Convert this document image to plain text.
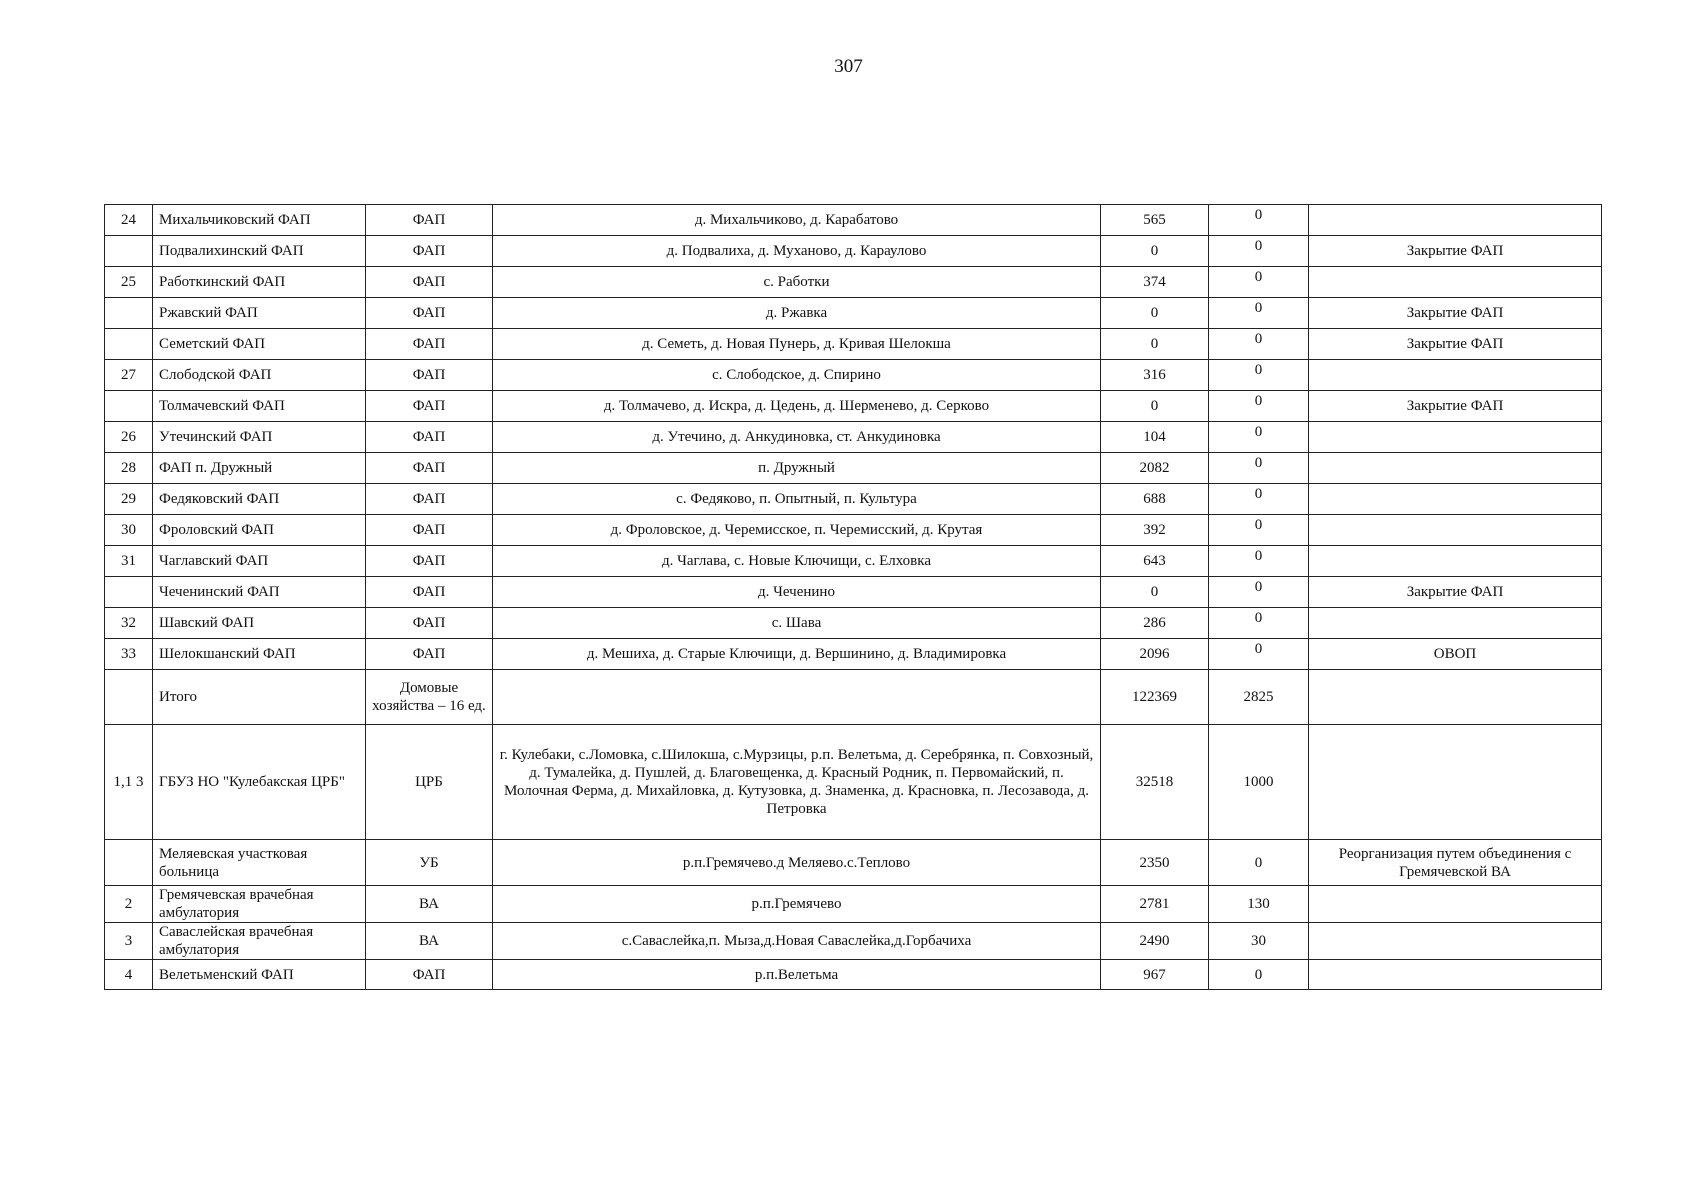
307
24	Михальчиковский ФАП	ФАП	д. Михальчиково, д. Карабатово	565	0	
	Подвалихинский ФАП	ФАП	д. Подвалиха, д. Муханово, д. Караулово	0	0	Закрытие ФАП
25	Работкинский ФАП	ФАП	с. Работки	374	0	
	Ржавский ФАП	ФАП	д. Ржавка	0	0	Закрытие ФАП
	Семетский ФАП	ФАП	д. Семеть, д. Новая Пунерь, д. Кривая Шелокша	0	0	Закрытие ФАП
27	Слободской ФАП	ФАП	с. Слободское, д. Спирино	316	0	
	Толмачевский ФАП	ФАП	д. Толмачево, д. Искра, д. Цедень, д. Шерменево, д. Серково	0	0	Закрытие ФАП
26	Утечинский ФАП	ФАП	д. Утечино, д. Анкудиновка, ст. Анкудиновка	104	0	
28	ФАП п. Дружный	ФАП	п. Дружный	2082	0	
29	Федяковский ФАП	ФАП	с. Федяково, п. Опытный, п. Культура	688	0	
30	Фроловский ФАП	ФАП	д. Фроловское, д. Черемисское, п. Черемисский, д. Крутая	392	0	
31	Чаглавский ФАП	ФАП	д. Чаглава, с. Новые Ключищи, с. Елховка	643	0	
	Чеченинский ФАП	ФАП	д. Чеченино	0	0	Закрытие ФАП
32	Шавский ФАП	ФАП	с. Шава	286	0	
33	Шелокшанский ФАП	ФАП	д. Мешиха, д. Старые Ключищи, д. Вершинино, д. Владимировка	2096	0	ОВОП
	Итого	Домовые хозяйства – 16 ед.		122369	2825	
1,1 3	ГБУЗ НО "Кулебакская ЦРБ"	ЦРБ	г. Кулебаки, с.Ломовка, с.Шилокша, с.Мурзицы, р.п. Велетьма, д. Серебрянка, п. Совхозный, д. Тумалейка, д. Пушлей, д. Благовещенка, д. Красный Родник, п. Первомайский, п. Молочная Ферма, д. Михайловка, д. Кутузовка, д. Знаменка, д. Красновка, п. Лесозавода, д. Петровка	32518	1000	
	Меляевская участковая больница	УБ	р.п.Гремячево.д Меляево.с.Теплово	2350	0	Реорганизация путем объединения с Гремячевской ВА
2	Гремячевская врачебная амбулатория	ВА	р.п.Гремячево	2781	130	
3	Саваслейская врачебная амбулатория	ВА	с.Саваслейка,п. Мыза,д.Новая Саваслейка,д.Горбачиха	2490	30	
4	Велетьменский ФАП	ФАП	р.п.Велетьма	967	0	
